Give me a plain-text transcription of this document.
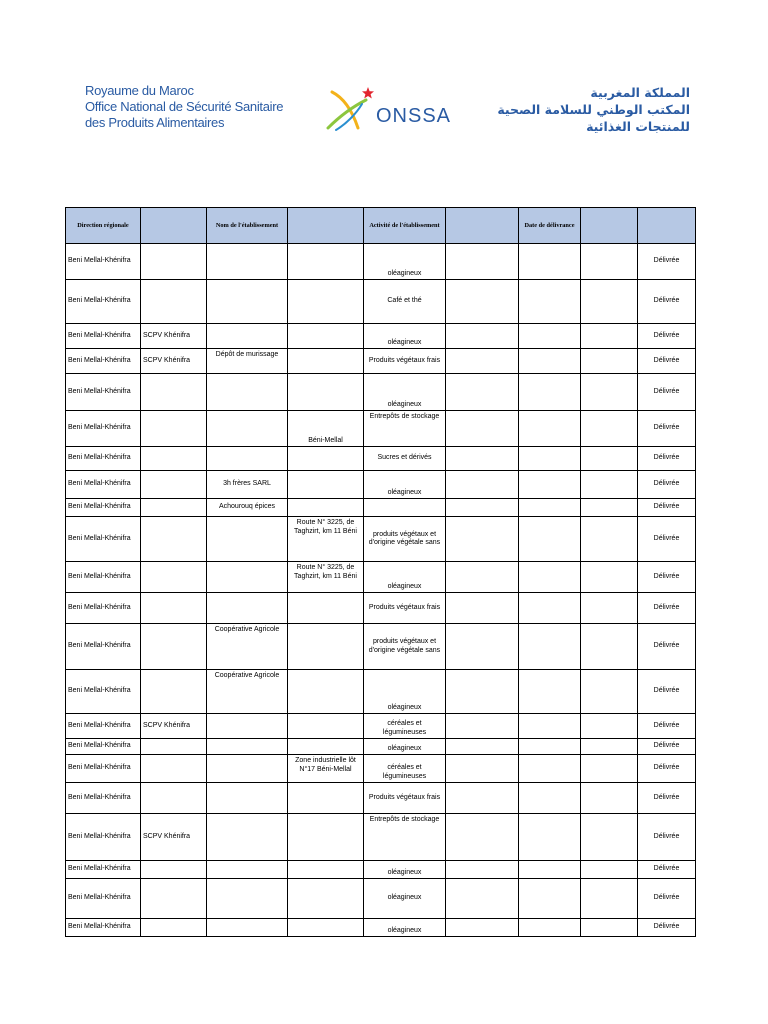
Royaume du Maroc
Office National de Sécurité Sanitaire
des Produits Alimentaires	ONSSA
المملكة المغربية
المكتب الوطني للسلامة الصحية
للمنتجات الغذائية
Direction régionale		Nom de l'établissement		Activité de l'établissement		Date de délivrance		
Beni Mellal-Khénifra				oléagineux				Délivrée
Beni Mellal-Khénifra				Café et thé				Délivrée
Beni Mellal-Khénifra	SCPV Khénifra			oléagineux				Délivrée
Beni Mellal-Khénifra	SCPV Khénifra	Dépôt de murissage		Produits végétaux frais				Délivrée
Beni Mellal-Khénifra				oléagineux				Délivrée
Beni Mellal-Khénifra			Béni-Mellal	Entrepôts de stockage				Délivrée
Beni Mellal-Khénifra				Sucres et dérivés				Délivrée
Beni Mellal-Khénifra		3h frères SARL		oléagineux				Délivrée
Beni Mellal-Khénifra		Achourouq épices						Délivrée
Beni Mellal-Khénifra			Route N° 3225, de Taghzirt, km 11 Béni	produits végétaux et d'origine végétale sans				Délivrée
Beni Mellal-Khénifra			Route N° 3225, de Taghzirt, km 11 Béni	oléagineux				Délivrée
Beni Mellal-Khénifra				Produits végétaux frais				Délivrée
Beni Mellal-Khénifra		Coopérative Agricole		produits végétaux et d'origine végétale sans				Délivrée
Beni Mellal-Khénifra		Coopérative Agricole		oléagineux				Délivrée
Beni Mellal-Khénifra	SCPV Khénifra			céréales et légumineuses				Délivrée
Beni Mellal-Khénifra				oléagineux				Délivrée
Beni Mellal-Khénifra			Zone industrielle lôt N°17 Béni-Mellal	céréales et légumineuses				Délivrée
Beni Mellal-Khénifra				Produits végétaux frais				Délivrée
Beni Mellal-Khénifra	SCPV Khénifra			Entrepôts de stockage				Délivrée
Beni Mellal-Khénifra				oléagineux				Délivrée
Beni Mellal-Khénifra				oléagineux				Délivrée
Beni Mellal-Khénifra				oléagineux				Délivrée
